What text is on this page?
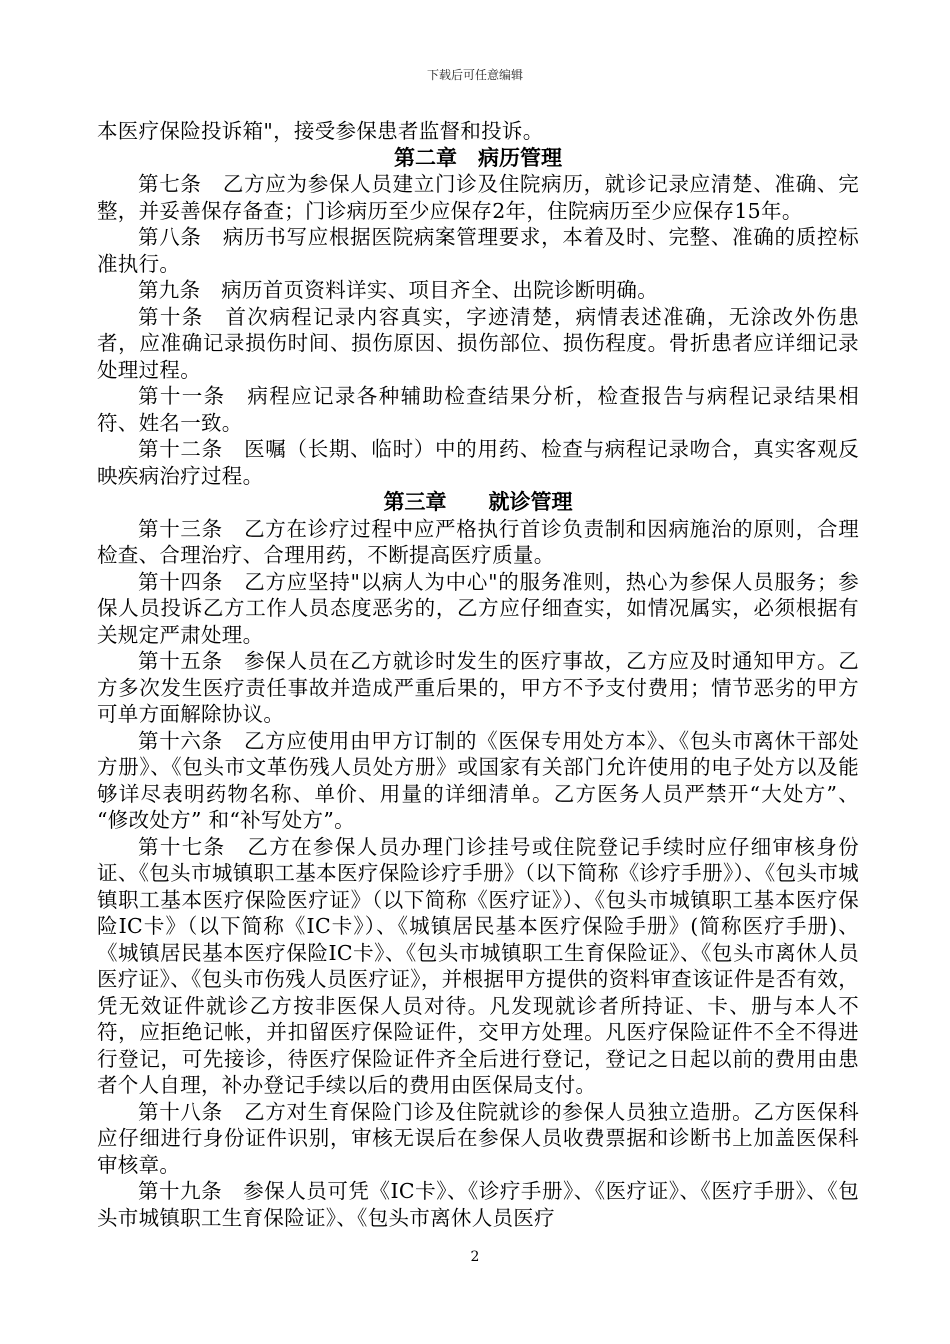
下载后可任意编辑

本医疗保险投诉箱"，接受参保患者监督和投诉。

第二章　病历管理

第七条　乙方应为参保人员建立门诊及住院病历，就诊记录应清楚、准确、完整，并妥善保存备查；门诊病历至少应保存2年，住院病历至少应保存15年。

第八条　病历书写应根据医院病案管理要求，本着及时、完整、准确的质控标准执行。

第九条　病历首页资料详实、项目齐全、出院诊断明确。

第十条　首次病程记录内容真实，字迹清楚，病情表述准确，无涂改外伤患者，应准确记录损伤时间、损伤原因、损伤部位、损伤程度。骨折患者应详细记录处理过程。

第十一条　病程应记录各种辅助检查结果分析，检查报告与病程记录结果相符、姓名一致。

第十二条　医嘱（长期、临时）中的用药、检查与病程记录吻合，真实客观反映疾病治疗过程。

第三章　　就诊管理

第十三条　乙方在诊疗过程中应严格执行首诊负责制和因病施治的原则，合理检查、合理治疗、合理用药，不断提高医疗质量。

第十四条　乙方应坚持"以病人为中心"的服务准则，热心为参保人员服务；参保人员投诉乙方工作人员态度恶劣的，乙方应仔细查实，如情况属实，必须根据有关规定严肃处理。

第十五条　参保人员在乙方就诊时发生的医疗事故，乙方应及时通知甲方。乙方多次发生医疗责任事故并造成严重后果的，甲方不予支付费用；情节恶劣的甲方可单方面解除协议。

第十六条　乙方应使用由甲方订制的《医保专用处方本》、《包头市离休干部处方册》、《包头市文革伤残人员处方册》或国家有关部门允许使用的电子处方以及能够详尽表明药物名称、单价、用量的详细清单。乙方医务人员严禁开“大处方”、 “修改处方” 和“补写处方”。

第十七条　乙方在参保人员办理门诊挂号或住院登记手续时应仔细审核身份证、《包头市城镇职工基本医疗保险诊疗手册》（以下简称《诊疗手册》）、《包头市城镇职工基本医疗保险医疗证》（以下简称《医疗证》）、《包头市城镇职工基本医疗保险IC卡》（以下简称《IC卡》）、《城镇居民基本医疗保险手册》(简称医疗手册)、《城镇居民基本医疗保险IC卡》、《包头市城镇职工生育保险证》、《包头市离休人员医疗证》、《包头市伤残人员医疗证》，并根据甲方提供的资料审查该证件是否有效，凭无效证件就诊乙方按非医保人员对待。凡发现就诊者所持证、卡、册与本人不符，应拒绝记帐，并扣留医疗保险证件，交甲方处理。凡医疗保险证件不全不得进行登记，可先接诊，待医疗保险证件齐全后进行登记，登记之日起以前的费用由患者个人自理，补办登记手续以后的费用由医保局支付。

第十八条　乙方对生育保险门诊及住院就诊的参保人员独立造册。乙方医保科应仔细进行身份证件识别，审核无误后在参保人员收费票据和诊断书上加盖医保科审核章。

第十九条　参保人员可凭《IC卡》、《诊疗手册》、《医疗证》、《医疗手册》、《包头市城镇职工生育保险证》、《包头市离休人员医疗

2
